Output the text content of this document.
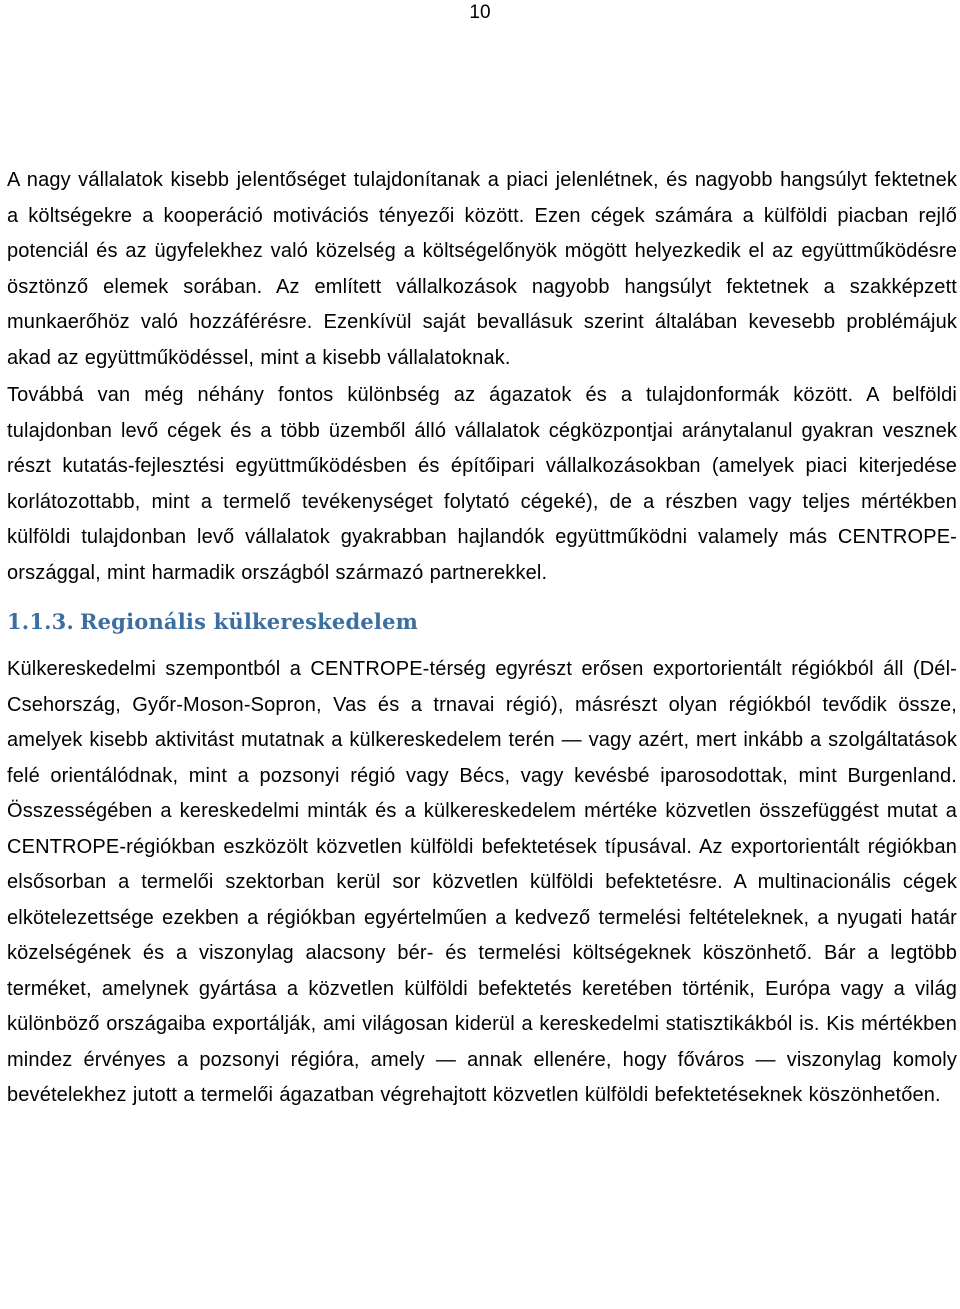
10

A nagy vállalatok kisebb jelentőséget tulajdonítanak a piaci jelenlétnek, és nagyobb hangsúlyt fektetnek a költségekre a kooperáció motivációs tényezői között. Ezen cégek számára a külföldi piacban rejlő potenciál és az ügyfelekhez való közelség a költségelőnyök mögött helyezkedik el az együttműködésre ösztönző elemek sorában. Az említett vállalkozások nagyobb hangsúlyt fektetnek a szakképzett munkaerőhöz való hozzáférésre. Ezenkívül saját bevallásuk szerint általában kevesebb problémájuk akad az együttműködéssel, mint a kisebb vállalatoknak.

Továbbá van még néhány fontos különbség az ágazatok és a tulajdonformák között. A belföldi tulajdonban levő cégek és a több üzemből álló vállalatok cégközpontjai aránytalanul gyakran vesznek részt kutatás-fejlesztési együttműködésben és építőipari vállalkozásokban (amelyek piaci kiterjedése korlátozottabb, mint a termelő tevékenységet folytató cégeké), de a részben vagy teljes mértékben külföldi tulajdonban levő vállalatok gyakrabban hajlandók együttműködni valamely más CENTROPE-országgal, mint harmadik országból származó partnerekkel.

1.1.3. Regionális külkereskedelem

Külkereskedelmi szempontból a CENTROPE-térség egyrészt erősen exportorientált régiókból áll (Dél-Csehország, Győr-Moson-Sopron, Vas és a trnavai régió), másrészt olyan régiókból tevődik össze, amelyek kisebb aktivitást mutatnak a külkereskedelem terén — vagy azért, mert inkább a szolgáltatások felé orientálódnak, mint a pozsonyi régió vagy Bécs, vagy kevésbé iparosodottak, mint Burgenland. Összességében a kereskedelmi minták és a külkereskedelem mértéke közvetlen összefüggést mutat a CENTROPE-régiókban eszközölt közvetlen külföldi befektetések típusával. Az exportorientált régiókban elsősorban a termelői szektorban kerül sor közvetlen külföldi befektetésre. A multinacionális cégek elkötelezettsége ezekben a régiókban egyértelműen a kedvező termelési feltételeknek, a nyugati határ közelségének és a viszonylag alacsony bér- és termelési költségeknek köszönhető. Bár a legtöbb terméket, amelynek gyártása a közvetlen külföldi befektetés keretében történik, Európa vagy a világ különböző országaiba exportálják, ami világosan kiderül a kereskedelmi statisztikákból is. Kis mértékben mindez érvényes a pozsonyi régióra, amely — annak ellenére, hogy főváros — viszonylag komoly bevételekhez jutott a termelői ágazatban végrehajtott közvetlen külföldi befektetéseknek köszönhetően.
